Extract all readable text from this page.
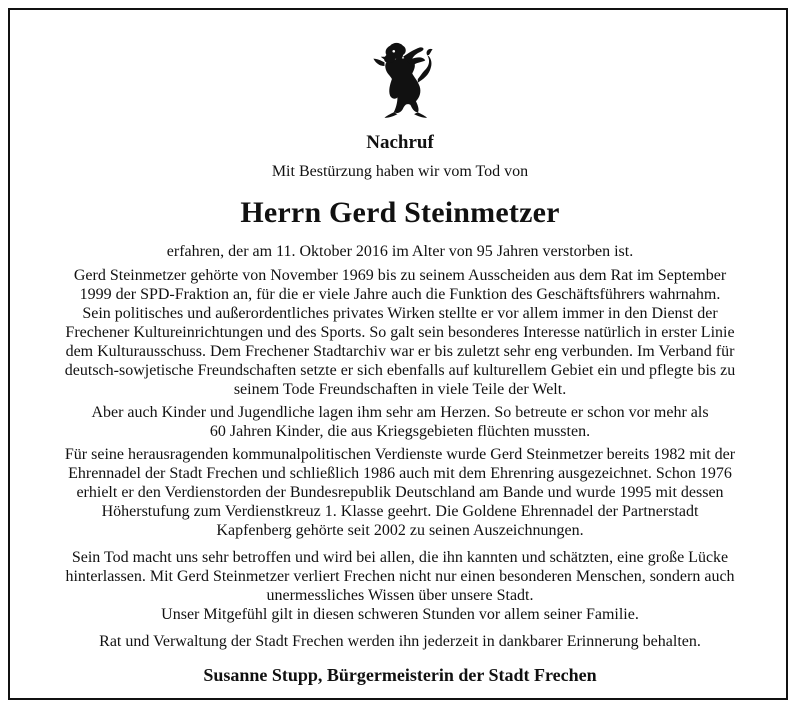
Nachruf
Mit Bestürzung haben wir vom Tod von
Herrn Gerd Steinmetzer
erfahren, der am 11. Oktober 2016 im Alter von 95 Jahren verstorben ist.
Gerd Steinmetzer gehörte von November 1969 bis zu seinem Ausscheiden aus dem Rat im September
1999 der SPD-Fraktion an, für die er viele Jahre auch die Funktion des Geschäftsführers wahrnahm.
Sein politisches und außerordentliches privates Wirken stellte er vor allem immer in den Dienst der
Frechener Kultureinrichtungen und des Sports. So galt sein besonderes Interesse natürlich in erster Linie
dem Kulturausschuss. Dem Frechener Stadtarchiv war er bis zuletzt sehr eng verbunden. Im Verband für
deutsch-sowjetische Freundschaften setzte er sich ebenfalls auf kulturellem Gebiet ein und pflegte bis zu
seinem Tode Freundschaften in viele Teile der Welt.
Aber auch Kinder und Jugendliche lagen ihm sehr am Herzen. So betreute er schon vor mehr als
60 Jahren Kinder, die aus Kriegsgebieten flüchten mussten.
Für seine herausragenden kommunalpolitischen Verdienste wurde Gerd Steinmetzer bereits 1982 mit der
Ehrennadel der Stadt Frechen und schließlich 1986 auch mit dem Ehrenring ausgezeichnet. Schon 1976
erhielt er den Verdienstorden der Bundesrepublik Deutschland am Bande und wurde 1995 mit dessen
Höherstufung zum Verdienstkreuz 1. Klasse geehrt. Die Goldene Ehrennadel der Partnerstadt
Kapfenberg gehörte seit 2002 zu seinen Auszeichnungen.
Sein Tod macht uns sehr betroffen und wird bei allen, die ihn kannten und schätzten, eine große Lücke
hinterlassen. Mit Gerd Steinmetzer verliert Frechen nicht nur einen besonderen Menschen, sondern auch
unermessliches Wissen über unsere Stadt.
Unser Mitgefühl gilt in diesen schweren Stunden vor allem seiner Familie.
Rat und Verwaltung der Stadt Frechen werden ihn jederzeit in dankbarer Erinnerung behalten.
Susanne Stupp, Bürgermeisterin der Stadt Frechen
